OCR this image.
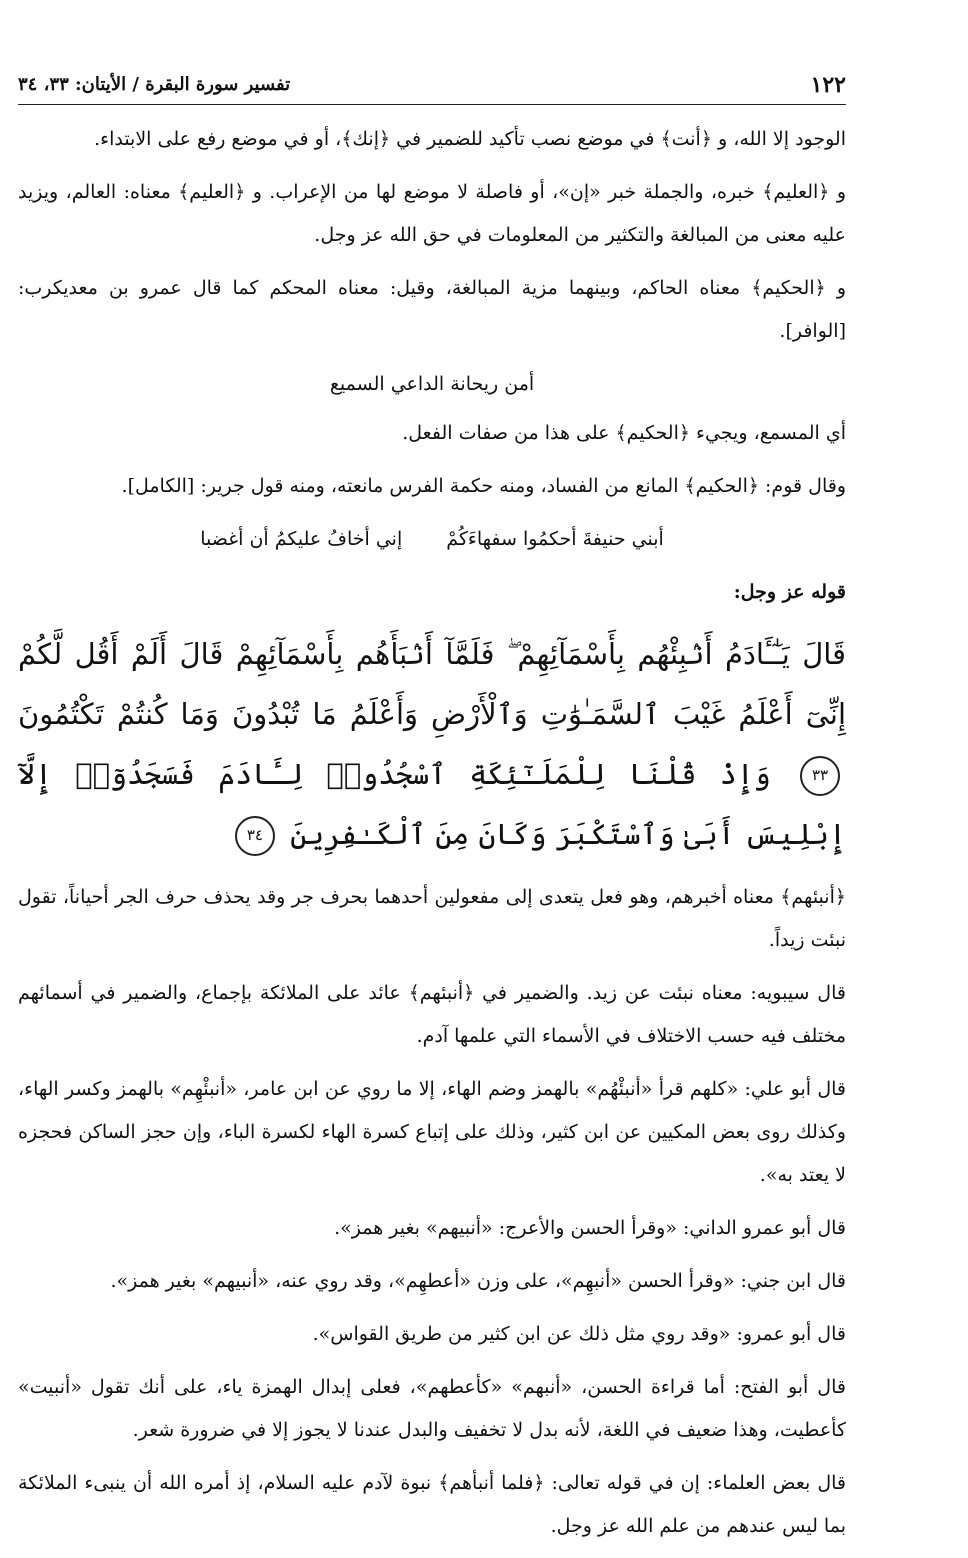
١٢٢
تفسير سورة البقرة / الأيتان: ٣٣، ٣٤

الوجود إلا الله، و ﴿أنت﴾ في موضع نصب تأكيد للضمير في ﴿إنك﴾، أو في موضع رفع على الابتداء.

و ﴿العليم﴾ خبره، والجملة خبر «إن»، أو فاصلة لا موضع لها من الإعراب. و ﴿العليم﴾ معناه: العالم، ويزيد عليه معنى من المبالغة والتكثير من المعلومات في حق الله عز وجل.

و ﴿الحكيم﴾ معناه الحاكم، وبينهما مزية المبالغة، وقيل: معناه المحكم كما قال عمرو بن معديكرب: [الوافر].

أمن ريحانة الداعي السميع

أي المسمع، ويجيء ﴿الحكيم﴾ على هذا من صفات الفعل.

وقال قوم: ﴿الحكيم﴾ المانع من الفساد، ومنه حكمة الفرس مانعته، ومنه قول جرير: [الكامل].

أبني حنيفةَ أحكمُوا سفهاءَكُمْ
إني أخافُ عليكمُ أن أغضبا

قوله عز وجل:

قَالَ يَـٰٓـَٔادَمُ أَنۢبِئْهُم بِأَسْمَآئِهِمْ ۖ فَلَمَّآ أَنۢبَأَهُم بِأَسْمَآئِهِمْ قَالَ أَلَمْ أَقُل لَّكُمْ إِنِّىٓ أَعْلَمُ غَيْبَ ٱلسَّمَـٰوَٰتِ وَٱلْأَرْضِ وَأَعْلَمُ مَا تُبْدُونَ وَمَا كُنتُمْ تَكْتُمُونَ ٣٣ وَإِذْ قُلْنَا لِلْمَلَـٰٓئِكَةِ ٱسْجُدُوا۟ لِـَٔادَمَ فَسَجَدُوٓا۟ إِلَّآ إِبْلِيسَ أَبَىٰ وَٱسْتَكْبَرَ وَكَانَ مِنَ ٱلْكَـٰفِرِينَ ٣٤

﴿أنبئهم﴾ معناه أخبرهم، وهو فعل يتعدى إلى مفعولين أحدهما بحرف جر وقد يحذف حرف الجر أحياناً، تقول نبئت زيداً.

قال سيبويه: معناه نبئت عن زيد. والضمير في ﴿أنبئهم﴾ عائد على الملائكة بإجماع، والضمير في أسمائهم مختلف فيه حسب الاختلاف في الأسماء التي علمها آدم.

قال أبو علي: «كلهم قرأ «أنبئْهُم» بالهمز وضم الهاء، إلا ما روي عن ابن عامر، «أنبئْهِم» بالهمز وكسر الهاء، وكذلك روى بعض المكيين عن ابن كثير، وذلك على إتباع كسرة الهاء لكسرة الباء، وإن حجز الساكن فحجزه لا يعتد به».

قال أبو عمرو الداني: «وقرأ الحسن والأعرج: «أنبيهم» بغير همز».

قال ابن جني: «وقرأ الحسن «أنبهِم»، على وزن «أعطهِم»، وقد روي عنه، «أنبيهم» بغير همز».

قال أبو عمرو: «وقد روي مثل ذلك عن ابن كثير من طريق القواس».

قال أبو الفتح: أما قراءة الحسن، «أنبهم» «كأعطهم»، فعلى إبدال الهمزة ياء، على أنك تقول «أنبيت» كأعطيت، وهذا ضعيف في اللغة، لأنه بدل لا تخفيف والبدل عندنا لا يجوز إلا في ضرورة شعر.

قال بعض العلماء: إن في قوله تعالى: ﴿فلما أنبأهم﴾ نبوة لآدم عليه السلام، إذ أمره الله أن ينبىء الملائكة بما ليس عندهم من علم الله عز وجل.
